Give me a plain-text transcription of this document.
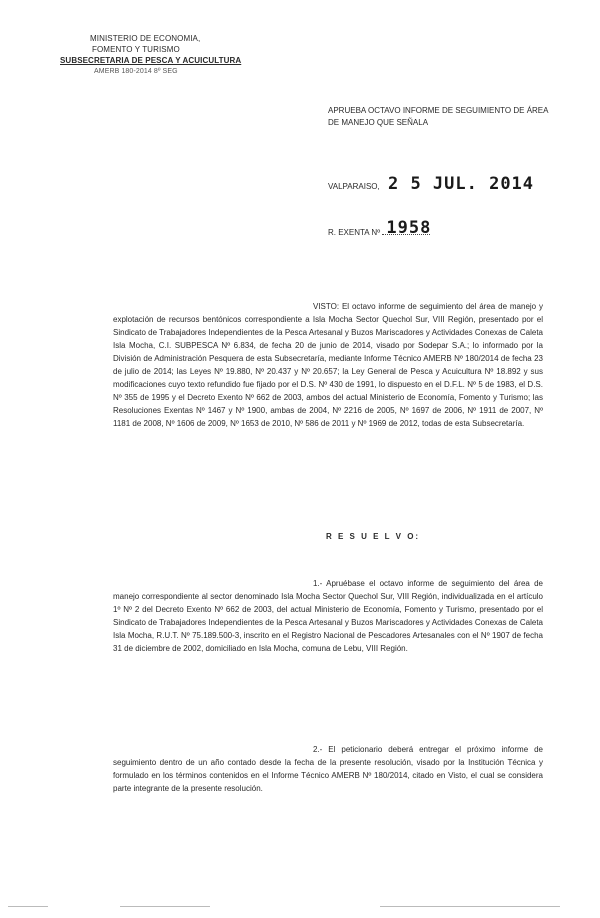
MINISTERIO DE ECONOMIA,
FOMENTO Y TURISMO
SUBSECRETARIA DE PESCA Y ACUICULTURA
AMERB 180-2014 8º SEG
APRUEBA OCTAVO INFORME DE SEGUIMIENTO DE ÁREA DE MANEJO QUE SEÑALA
VALPARAISO, 2 5 JUL. 2014
R. EXENTA Nº 1958
VISTO: El octavo informe de seguimiento del área de manejo y explotación de recursos bentónicos correspondiente a Isla Mocha Sector Quechol Sur, VIII Región, presentado por el Sindicato de Trabajadores Independientes de la Pesca Artesanal y Buzos Mariscadores y Actividades Conexas de Caleta Isla Mocha, C.I. SUBPESCA Nº 6.834, de fecha 20 de junio de 2014, visado por Sodepar S.A.; lo informado por la División de Administración Pesquera de esta Subsecretaría, mediante Informe Técnico AMERB Nº 180/2014 de fecha 23 de julio de 2014; las Leyes Nº 19.880, Nº 20.437 y Nº 20.657; la Ley General de Pesca y Acuicultura Nº 18.892 y sus modificaciones cuyo texto refundido fue fijado por el D.S. Nº 430 de 1991, lo dispuesto en el D.F.L. Nº 5 de 1983, el D.S. Nº 355 de 1995 y el Decreto Exento Nº 662 de 2003, ambos del actual Ministerio de Economía, Fomento y Turismo; las Resoluciones Exentas Nº 1467 y Nº 1900, ambas de 2004, Nº 2216 de 2005, Nº 1697 de 2006, Nº 1911 de 2007, Nº 1181 de 2008, Nº 1606 de 2009, Nº 1653 de 2010, Nº 586 de 2011 y Nº 1969 de 2012, todas de esta Subsecretaría.
R E S U E L V O:
1.- Apruébase el octavo informe de seguimiento del área de manejo correspondiente al sector denominado Isla Mocha Sector Quechol Sur, VIII Región, individualizada en el artículo 1º Nº 2 del Decreto Exento Nº 662 de 2003, del actual Ministerio de Economía, Fomento y Turismo, presentado por el Sindicato de Trabajadores Independientes de la Pesca Artesanal y Buzos Mariscadores y Actividades Conexas de Caleta Isla Mocha, R.U.T. Nº 75.189.500-3, inscrito en el Registro Nacional de Pescadores Artesanales con el Nº 1907 de fecha 31 de diciembre de 2002, domiciliado en Isla Mocha, comuna de Lebu, VIII Región.
2.- El peticionario deberá entregar el próximo informe de seguimiento dentro de un año contado desde la fecha de la presente resolución, visado por la Institución Técnica y formulado en los términos contenidos en el Informe Técnico AMERB Nº 180/2014, citado en Visto, el cual se considera parte integrante de la presente resolución.
